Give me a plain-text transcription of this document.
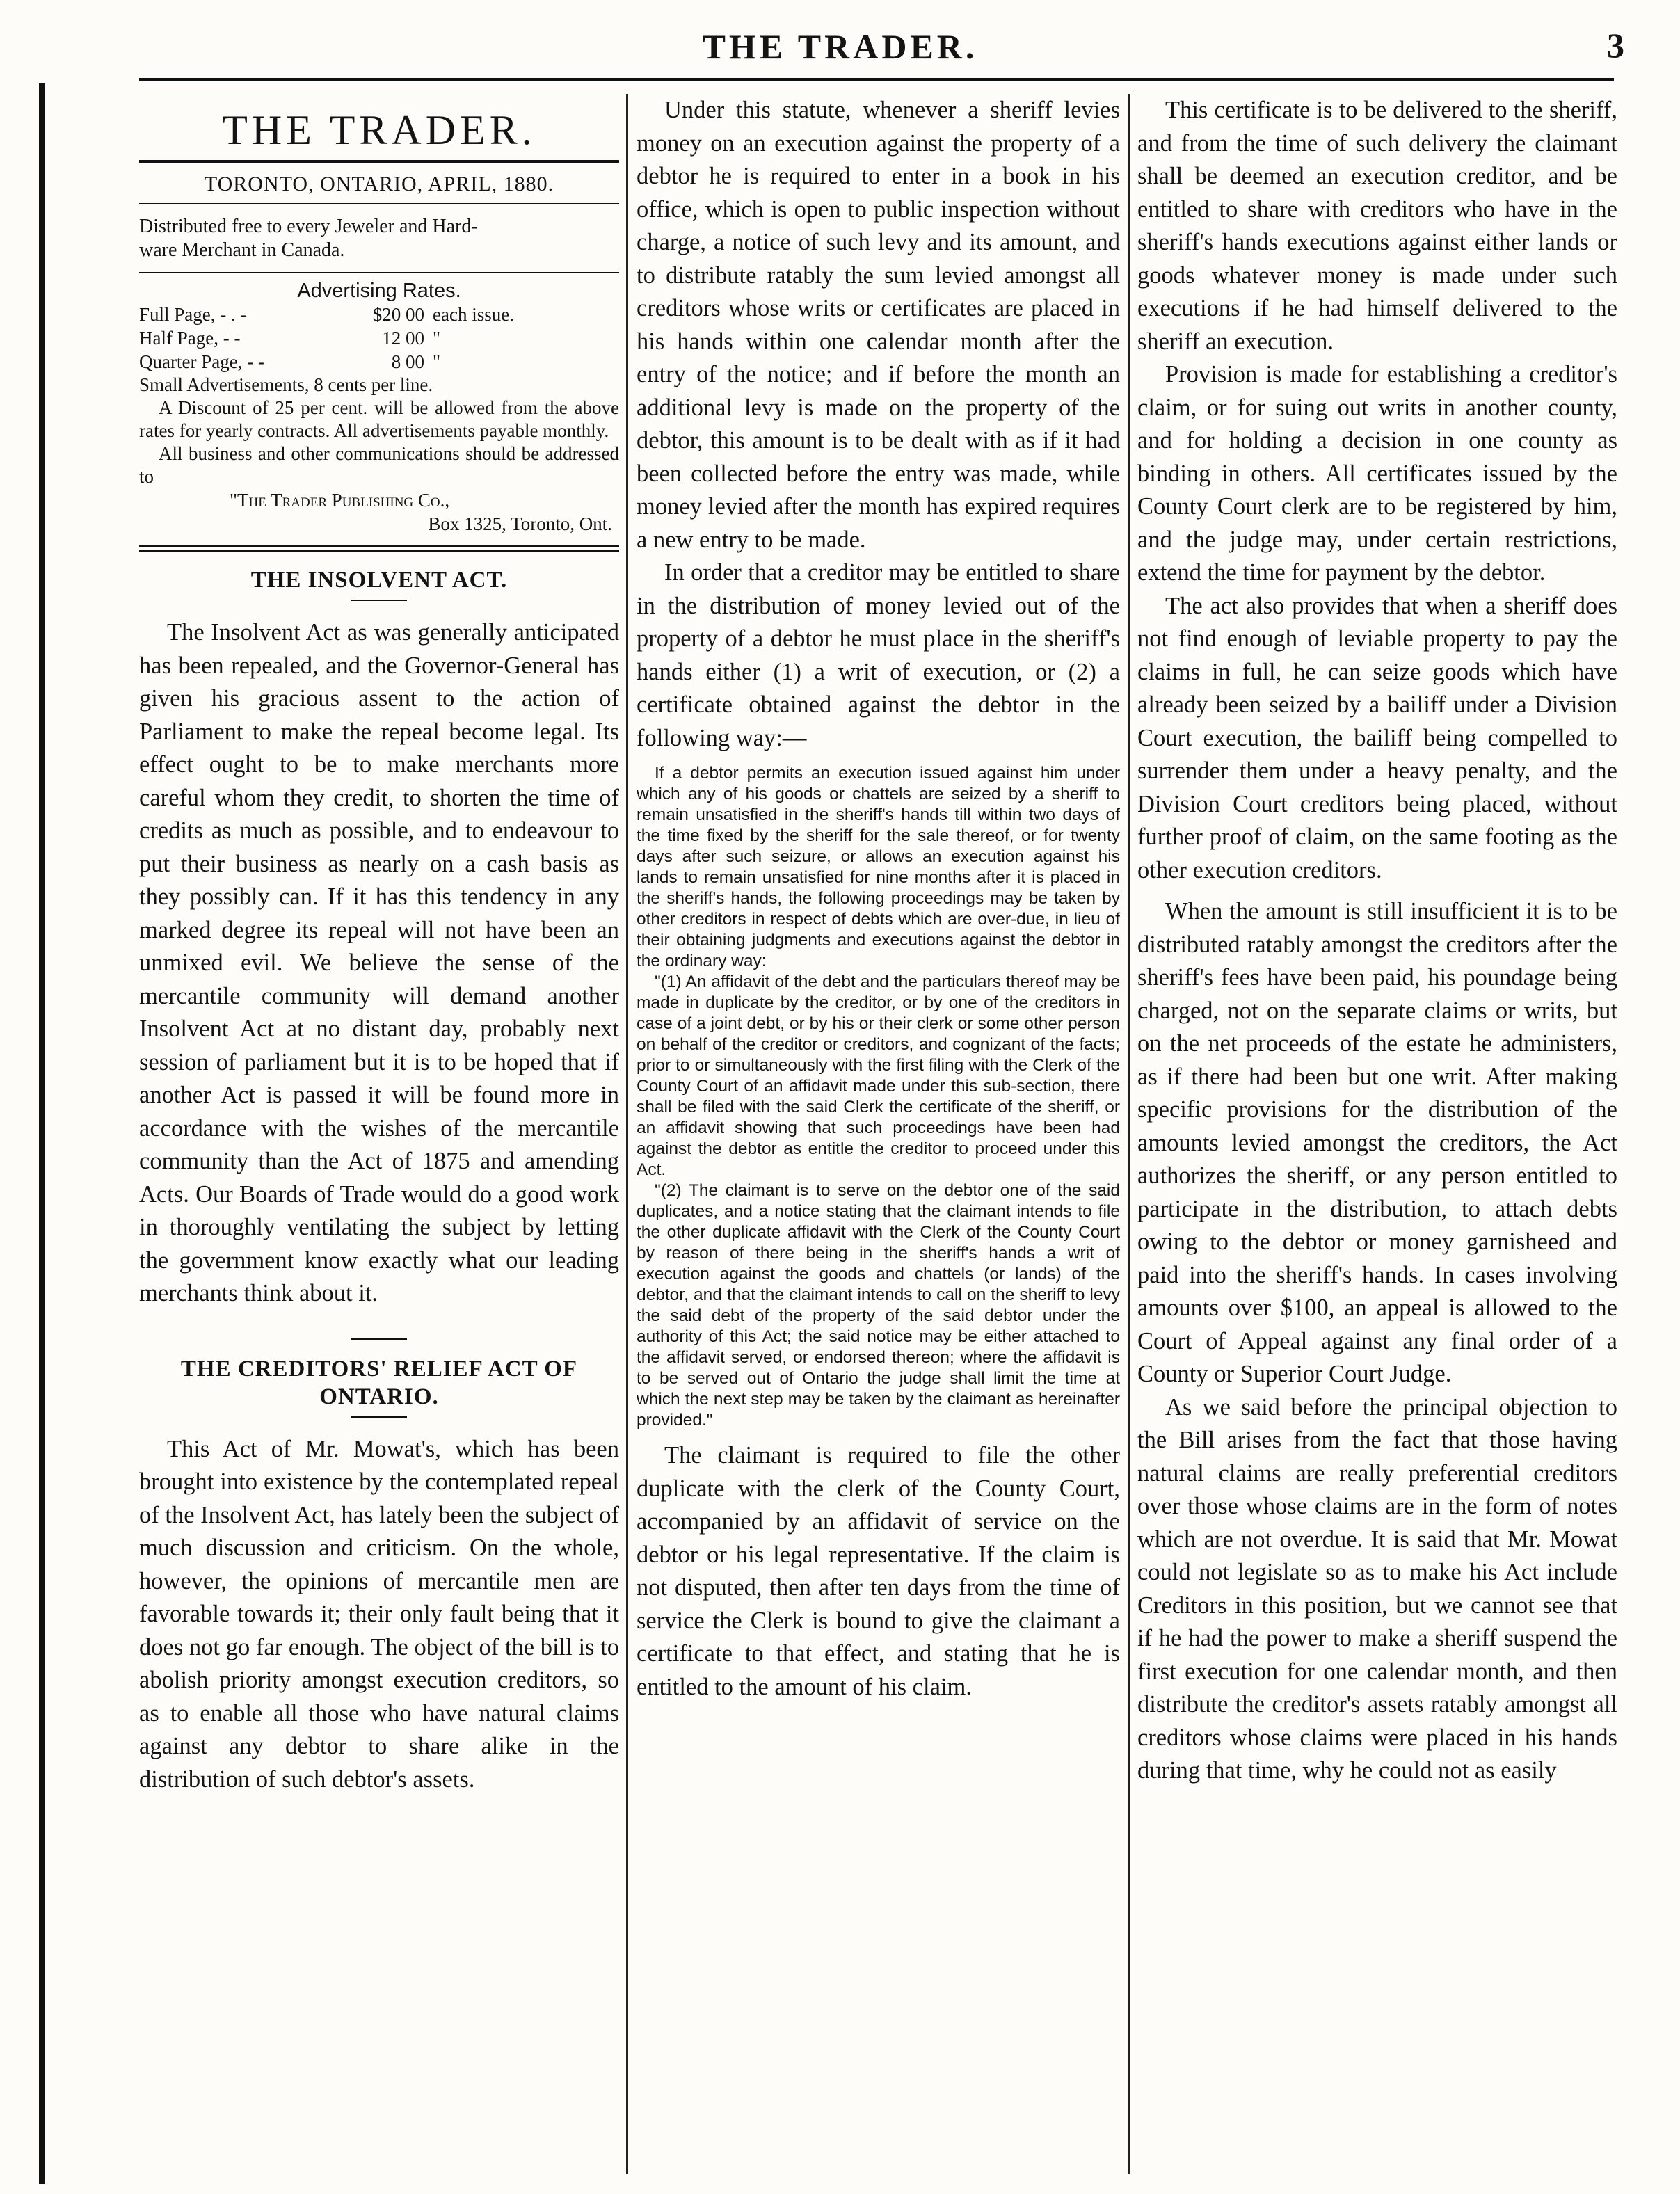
THE TRADER.	3
THE TRADER.
TORONTO, ONTARIO, APRIL, 1880.
Distributed free to every Jeweler and Hard-
ware Merchant in Canada.
Advertising Rates.
Full Page, - . -	$20 00 each issue.
Half Page, - -	12 00 "
Quarter Page, - -	8 00 "

Small Advertisements, 8 cents per line.

A Discount of 25 per cent. will be allowed from the above rates for yearly contracts. All advertisements payable monthly.

All business and other communications should be addressed to

"The Trader Publishing Co.,
Box 1325, Toronto, Ont.
THE INSOLVENT ACT.

The Insolvent Act as was generally anticipated has been repealed, and the Governor-General has given his gracious assent to the action of Parliament to make the repeal become legal. Its effect ought to be to make merchants more careful whom they credit, to shorten the time of credits as much as possible, and to endeavour to put their business as nearly on a cash basis as they possibly can. If it has this tendency in any marked degree its repeal will not have been an unmixed evil. We believe the sense of the mercantile community will demand another Insolvent Act at no distant day, probably next session of parliament but it is to be hoped that if another Act is passed it will be found more in accordance with the wishes of the mercantile community than the Act of 1875 and amending Acts. Our Boards of Trade would do a good work in thoroughly ventilating the subject by letting the government know exactly what our leading merchants think about it.

THE CREDITORS' RELIEF ACT OF ONTARIO.

This Act of Mr. Mowat's, which has been brought into existence by the contemplated repeal of the Insolvent Act, has lately been the subject of much discussion and criticism. On the whole, however, the opinions of mercantile men are favorable towards it; their only fault being that it does not go far enough. The object of the bill is to abolish priority amongst execution creditors, so as to enable all those who have natural claims against any debtor to share alike in the distribution of such debtor's assets.

Under this statute, whenever a sheriff levies money on an execution against the property of a debtor he is required to enter in a book in his office, which is open to public inspection without charge, a notice of such levy and its amount, and to distribute ratably the sum levied amongst all creditors whose writs or certificates are placed in his hands within one calendar month after the entry of the notice; and if before the month an additional levy is made on the property of the debtor, this amount is to be dealt with as if it had been collected before the entry was made, while money levied after the month has expired requires a new entry to be made.

In order that a creditor may be entitled to share in the distribution of money levied out of the property of a debtor he must place in the sheriff's hands either (1) a writ of execution, or (2) a certificate obtained against the debtor in the following way:—

If a debtor permits an execution issued against him under which any of his goods or chattels are seized by a sheriff to remain unsatisfied in the sheriff's hands till within two days of the time fixed by the sheriff for the sale thereof, or for twenty days after such seizure, or allows an execution against his lands to remain unsatisfied for nine months after it is placed in the sheriff's hands, the following proceedings may be taken by other creditors in respect of debts which are over-due, in lieu of their obtaining judgments and executions against the debtor in the ordinary way:

"(1) An affidavit of the debt and the particulars thereof may be made in duplicate by the creditor, or by one of the creditors in case of a joint debt, or by his or their clerk or some other person on behalf of the creditor or creditors, and cognizant of the facts; prior to or simultaneously with the first filing with the Clerk of the County Court of an affidavit made under this sub-section, there shall be filed with the said Clerk the certificate of the sheriff, or an affidavit showing that such proceedings have been had against the debtor as entitle the creditor to proceed under this Act.

"(2) The claimant is to serve on the debtor one of the said duplicates, and a notice stating that the claimant intends to file the other duplicate affidavit with the Clerk of the County Court by reason of there being in the sheriff's hands a writ of execution against the goods and chattels (or lands) of the debtor, and that the claimant intends to call on the sheriff to levy the said debt of the property of the said debtor under the authority of this Act; the said notice may be either attached to the affidavit served, or endorsed thereon; where the affidavit is to be served out of Ontario the judge shall limit the time at which the next step may be taken by the claimant as hereinafter provided."

The claimant is required to file the other duplicate with the clerk of the County Court, accompanied by an affidavit of service on the debtor or his legal representative. If the claim is not disputed, then after ten days from the time of service the Clerk is bound to give the claimant a certificate to that effect, and stating that he is entitled to the amount of his claim.

This certificate is to be delivered to the sheriff, and from the time of such delivery the claimant shall be deemed an execution creditor, and be entitled to share with creditors who have in the sheriff's hands executions against either lands or goods whatever money is made under such executions if he had himself delivered to the sheriff an execution.

Provision is made for establishing a creditor's claim, or for suing out writs in another county, and for holding a decision in one county as binding in others. All certificates issued by the County Court clerk are to be registered by him, and the judge may, under certain restrictions, extend the time for payment by the debtor.

The act also provides that when a sheriff does not find enough of leviable property to pay the claims in full, he can seize goods which have already been seized by a bailiff under a Division Court execution, the bailiff being compelled to surrender them under a heavy penalty, and the Division Court creditors being placed, without further proof of claim, on the same footing as the other execution creditors.

When the amount is still insufficient it is to be distributed ratably amongst the creditors after the sheriff's fees have been paid, his poundage being charged, not on the separate claims or writs, but on the net proceeds of the estate he administers, as if there had been but one writ. After making specific provisions for the distribution of the amounts levied amongst the creditors, the Act authorizes the sheriff, or any person entitled to participate in the distribution, to attach debts owing to the debtor or money garnisheed and paid into the sheriff's hands. In cases involving amounts over $100, an appeal is allowed to the Court of Appeal against any final order of a County or Superior Court Judge.

As we said before the principal objection to the Bill arises from the fact that those having natural claims are really preferential creditors over those whose claims are in the form of notes which are not overdue. It is said that Mr. Mowat could not legislate so as to make his Act include Creditors in this position, but we cannot see that if he had the power to make a sheriff suspend the first execution for one calendar month, and then distribute the creditor's assets ratably amongst all creditors whose claims were placed in his hands during that time, why he could not as easily
